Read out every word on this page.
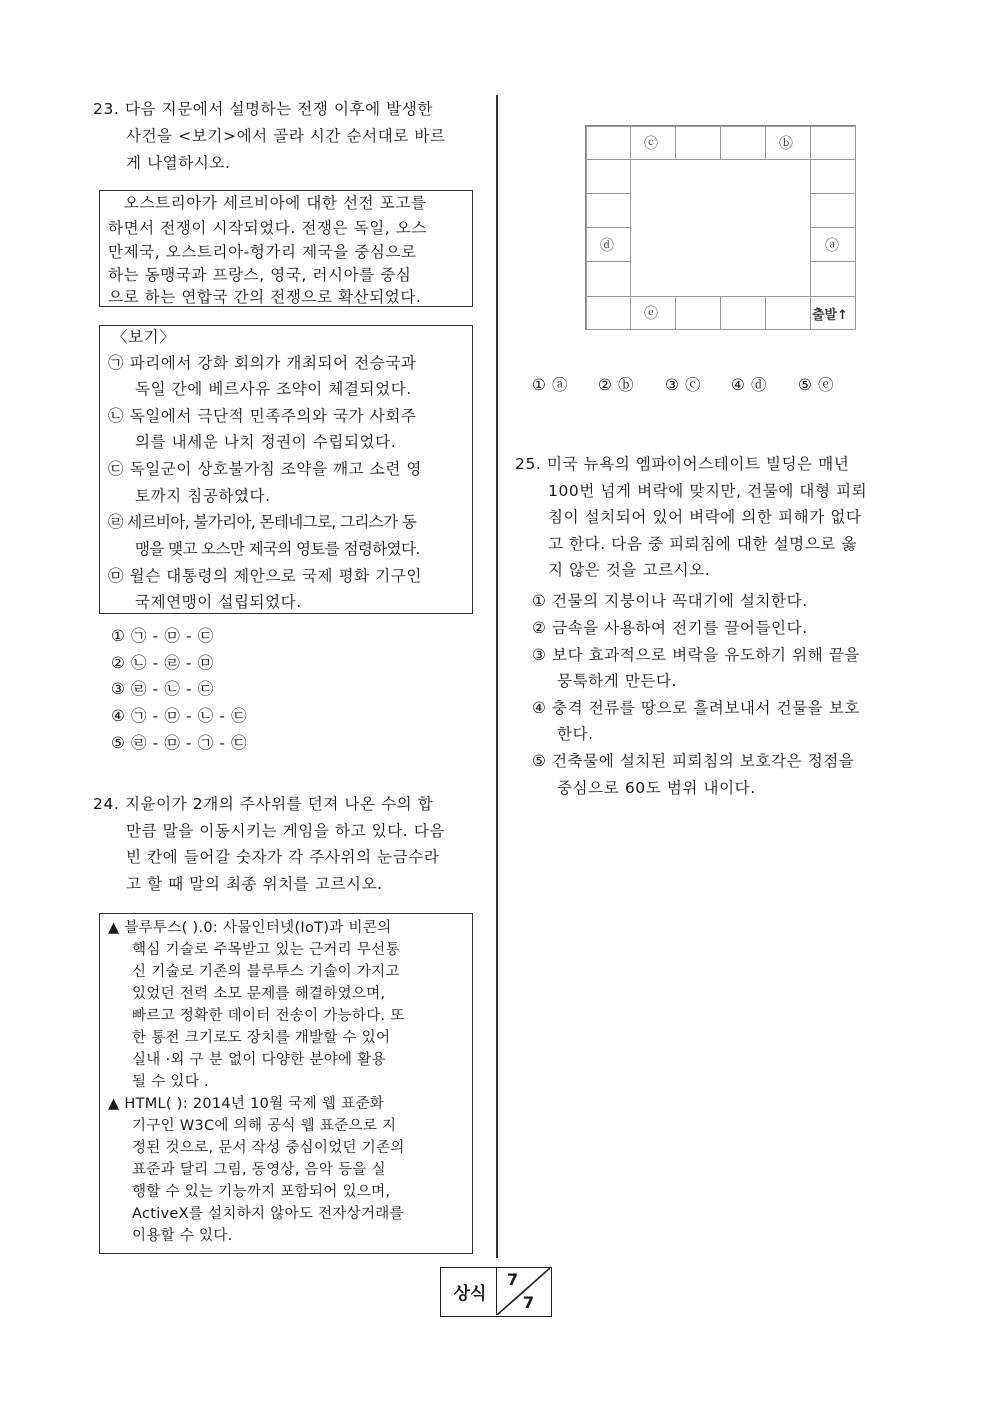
23. 다음 지문에서 설명하는 전쟁 이후에 발생한
사건을 <보기>에서 골라 시간 순서대로 바르
게 나열하시오.
오스트리아가 세르비아에 대한 선전 포고를
하면서 전쟁이 시작되었다. 전쟁은 독일, 오스
만제국, 오스트리아-헝가리 제국을 중심으로
하는 동맹국과 프랑스, 영국, 러시아를 중심
으로 하는 연합국 간의 전쟁으로 확산되었다.
〈보기〉
㉠ 파리에서 강화 회의가 개최되어 전승국과
독일 간에 베르사유 조약이 체결되었다.
㉡ 독일에서 극단적 민족주의와 국가 사회주
의를 내세운 나치 정권이 수립되었다.
㉢ 독일군이 상호불가침 조약을 깨고 소련 영
토까지 침공하였다.
㉣ 세르비아, 불가리아, 몬테네그로, 그리스가 동
맹을 맺고 오스만 제국의 영토를 점령하였다.
㉤ 윌슨 대통령의 제안으로 국제 평화 기구인
국제연맹이 설립되었다.
① ㉠ - ㉤ - ㉢
② ㉡ - ㉣ - ㉤
③ ㉣ - ㉡ - ㉢
④ ㉠ - ㉤ - ㉡ - ㉢
⑤ ㉣ - ㉤ - ㉠ - ㉢
24. 지윤이가 2개의 주사위를 던져 나온 수의 합
만큼 말을 이동시키는 게임을 하고 있다. 다음
빈 칸에 들어갈 숫자가 각 주사위의 눈금수라
고 할 때 말의 최종 위치를 고르시오.
▲ 블루투스( ).0: 사물인터넷(IoT)과 비콘의
핵심 기술로 주목받고 있는 근거리 무선통
신 기술로 기존의 블루투스 기술이 가지고
있었던 전력 소모 문제를 해결하였으며,
빠르고 정확한 데이터 전송이 가능하다. 또
한 통전 크기로도 장치를 개발할 수 있어
실내 ·외 구 분 없이 다양한 분야에 활용
될 수 있다 .
▲ HTML( ): 2014년 10월 국제 웹 표준화
기구인 W3C에 의해 공식 웹 표준으로 지
정된 것으로, 문서 작성 중심이었던 기존의
표준과 달리 그림, 동영상, 음악 등을 실
행할 수 있는 기능까지 포함되어 있으며,
ActiveX를 설치하지 않아도 전자상거래를
이용할 수 있다.
ⓒ	ⓑ
ⓓ	ⓐ
ⓔ	출발↑
① ⓐ ② ⓑ ③ ⓒ ④ ⓓ ⑤ ⓔ
25. 미국 뉴욕의 엠파이어스테이트 빌딩은 매년
100번 넘게 벼락에 맞지만, 건물에 대형 피뢰
침이 설치되어 있어 벼락에 의한 피해가 없다
고 한다. 다음 중 피뢰침에 대한 설명으로 옳
지 않은 것을 고르시오.
① 건물의 지붕이나 꼭대기에 설치한다.
② 금속을 사용하여 전기를 끌어들인다.
③ 보다 효과적으로 벼락을 유도하기 위해 끝을
뭉툭하게 만든다.
④ 충격 전류를 땅으로 흘려보내서 건물을 보호
한다.
⑤ 건축물에 설치된 피뢰침의 보호각은 정점을
중심으로 60도 범위 내이다.
상식
7
7
